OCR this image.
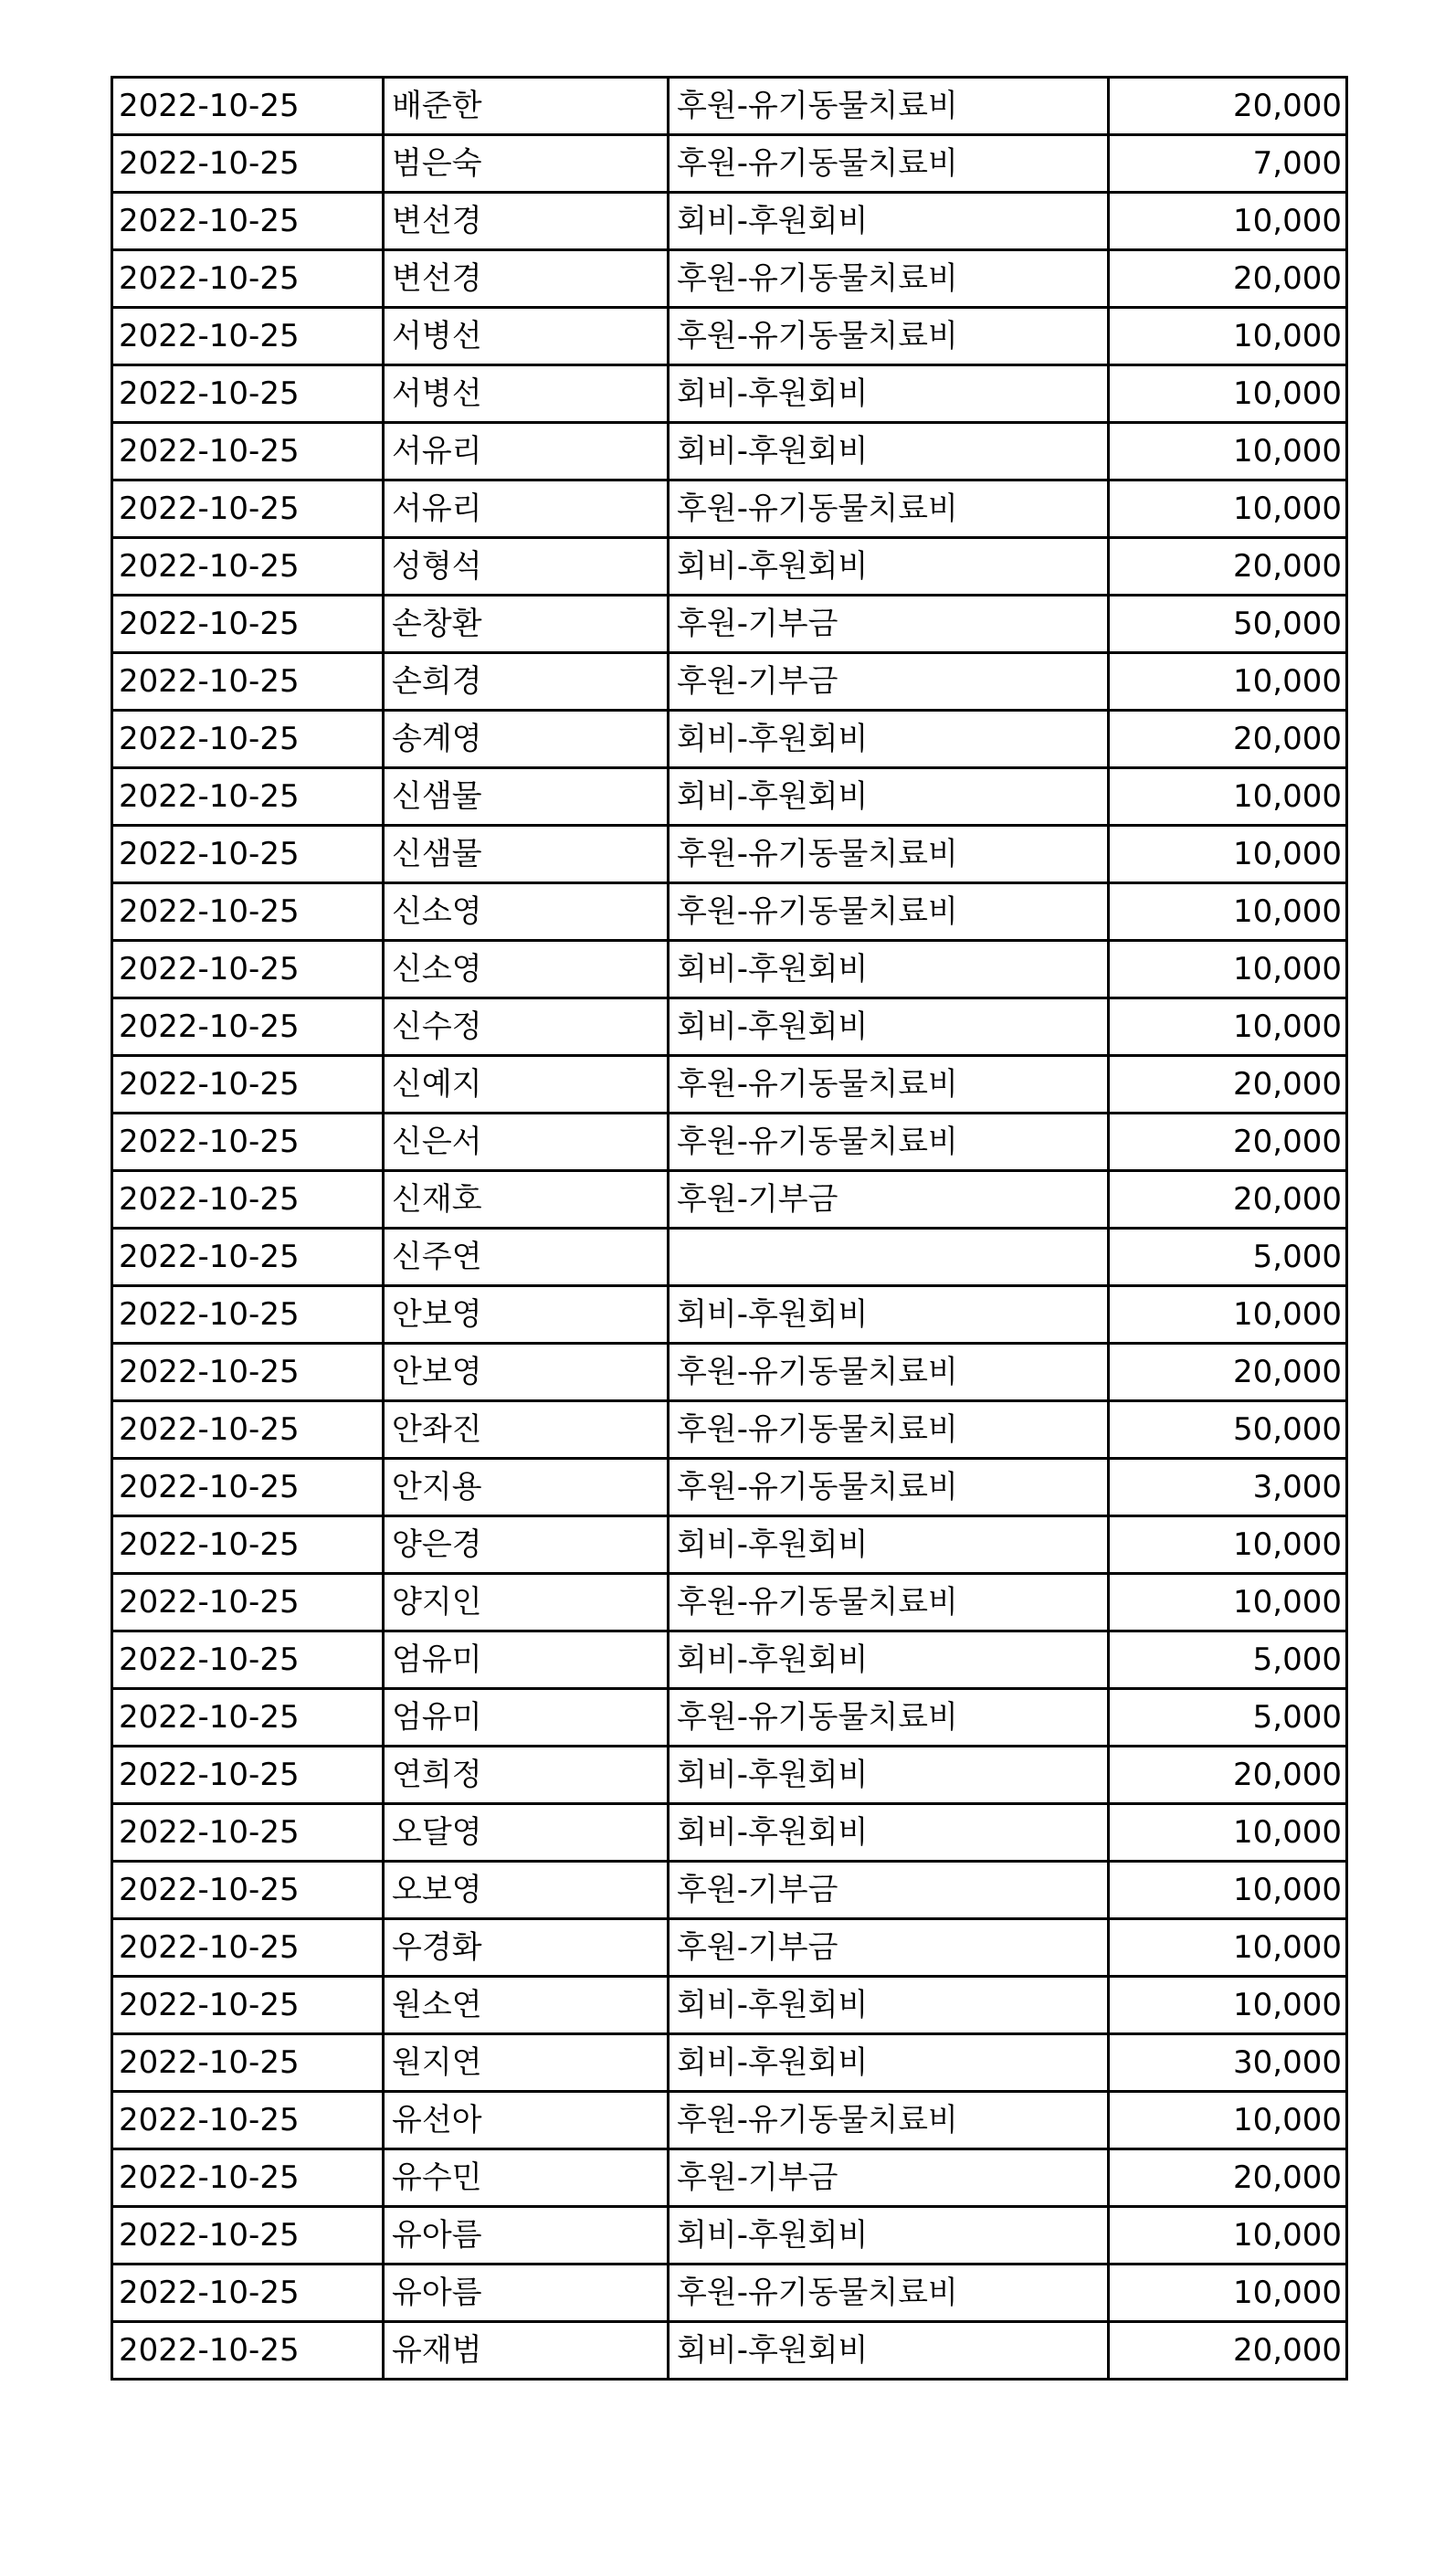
2022-10-25	배준한	후원-유기동물치료비	20,000
2022-10-25	범은숙	후원-유기동물치료비	7,000
2022-10-25	변선경	회비-후원회비	10,000
2022-10-25	변선경	후원-유기동물치료비	20,000
2022-10-25	서병선	후원-유기동물치료비	10,000
2022-10-25	서병선	회비-후원회비	10,000
2022-10-25	서유리	회비-후원회비	10,000
2022-10-25	서유리	후원-유기동물치료비	10,000
2022-10-25	성형석	회비-후원회비	20,000
2022-10-25	손창환	후원-기부금	50,000
2022-10-25	손희경	후원-기부금	10,000
2022-10-25	송계영	회비-후원회비	20,000
2022-10-25	신샘물	회비-후원회비	10,000
2022-10-25	신샘물	후원-유기동물치료비	10,000
2022-10-25	신소영	후원-유기동물치료비	10,000
2022-10-25	신소영	회비-후원회비	10,000
2022-10-25	신수정	회비-후원회비	10,000
2022-10-25	신예지	후원-유기동물치료비	20,000
2022-10-25	신은서	후원-유기동물치료비	20,000
2022-10-25	신재호	후원-기부금	20,000
2022-10-25	신주연		5,000
2022-10-25	안보영	회비-후원회비	10,000
2022-10-25	안보영	후원-유기동물치료비	20,000
2022-10-25	안좌진	후원-유기동물치료비	50,000
2022-10-25	안지용	후원-유기동물치료비	3,000
2022-10-25	양은경	회비-후원회비	10,000
2022-10-25	양지인	후원-유기동물치료비	10,000
2022-10-25	엄유미	회비-후원회비	5,000
2022-10-25	엄유미	후원-유기동물치료비	5,000
2022-10-25	연희정	회비-후원회비	20,000
2022-10-25	오달영	회비-후원회비	10,000
2022-10-25	오보영	후원-기부금	10,000
2022-10-25	우경화	후원-기부금	10,000
2022-10-25	원소연	회비-후원회비	10,000
2022-10-25	원지연	회비-후원회비	30,000
2022-10-25	유선아	후원-유기동물치료비	10,000
2022-10-25	유수민	후원-기부금	20,000
2022-10-25	유아름	회비-후원회비	10,000
2022-10-25	유아름	후원-유기동물치료비	10,000
2022-10-25	유재범	회비-후원회비	20,000
